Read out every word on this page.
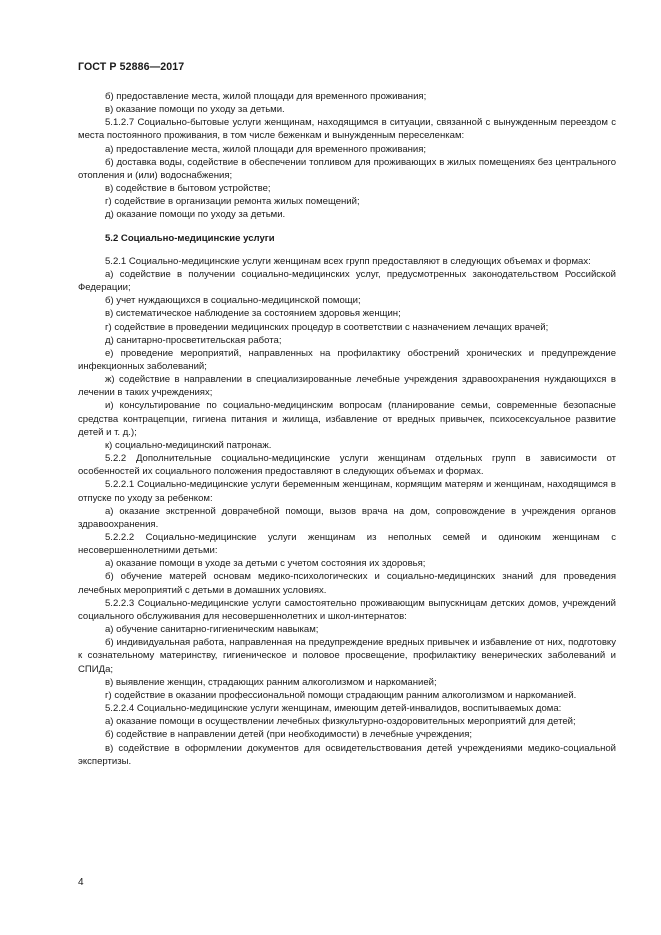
ГОСТ Р 52886—2017

б) предоставление места, жилой площади для временного проживания;

в) оказание помощи по уходу за детьми.

5.1.2.7 Социально-бытовые услуги женщинам, находящимся в ситуации, связанной с вынужденным переездом с места постоянного проживания, в том числе беженкам и вынужденным переселенкам:

а) предоставление места, жилой площади для временного проживания;

б) доставка воды, содействие в обеспечении топливом для проживающих в жилых помещениях без центрального отопления и (или) водоснабжения;

в) содействие в бытовом устройстве;

г) содействие в организации ремонта жилых помещений;

д) оказание помощи по уходу за детьми.

5.2 Социально-медицинские услуги

5.2.1 Социально-медицинские услуги женщинам всех групп предоставляют в следующих объемах и формах:

а) содействие в получении социально-медицинских услуг, предусмотренных законодательством Российской Федерации;

б) учет нуждающихся в социально-медицинской помощи;

в) систематическое наблюдение за состоянием здоровья женщин;

г) содействие в проведении медицинских процедур в соответствии с назначением лечащих врачей;

д) санитарно-просветительская работа;

е) проведение мероприятий, направленных на профилактику обострений хронических и предупреждение инфекционных заболеваний;

ж) содействие в направлении в специализированные лечебные учреждения здравоохранения нуждающихся в лечении в таких учреждениях;

и) консультирование по социально-медицинским вопросам (планирование семьи, современные безопасные средства контрацепции, гигиена питания и жилища, избавление от вредных привычек, психосексуальное развитие детей и т. д.);

к) социально-медицинский патронаж.

5.2.2 Дополнительные социально-медицинские услуги женщинам отдельных групп в зависимости от особенностей их социального положения предоставляют в следующих объемах и формах.

5.2.2.1 Социально-медицинские услуги беременным женщинам, кормящим матерям и женщинам, находящимся в отпуске по уходу за ребенком:

а) оказание экстренной доврачебной помощи, вызов врача на дом, сопровождение в учреждения органов здравоохранения.

5.2.2.2 Социально-медицинские услуги женщинам из неполных семей и одиноким женщинам с несовершеннолетними детьми:

а) оказание помощи в уходе за детьми с учетом состояния их здоровья;

б) обучение матерей основам медико-психологических и социально-медицинских знаний для проведения лечебных мероприятий с детьми в домашних условиях.

5.2.2.3 Социально-медицинские услуги самостоятельно проживающим выпускницам детских домов, учреждений социального обслуживания для несовершеннолетних и школ-интернатов:

а) обучение санитарно-гигиеническим навыкам;

б) индивидуальная работа, направленная на предупреждение вредных привычек и избавление от них, подготовку к сознательному материнству, гигиеническое и половое просвещение, профилактику венерических заболеваний и СПИДа;

в) выявление женщин, страдающих ранним алкоголизмом и наркоманией;

г) содействие в оказании профессиональной помощи страдающим ранним алкоголизмом и наркоманией.

5.2.2.4 Социально-медицинские услуги женщинам, имеющим детей-инвалидов, воспитываемых дома:

а) оказание помощи в осуществлении лечебных физкультурно-оздоровительных мероприятий для детей;

б) содействие в направлении детей (при необходимости) в лечебные учреждения;

в) содействие в оформлении документов для освидетельствования детей учреждениями медико-социальной экспертизы.

4
